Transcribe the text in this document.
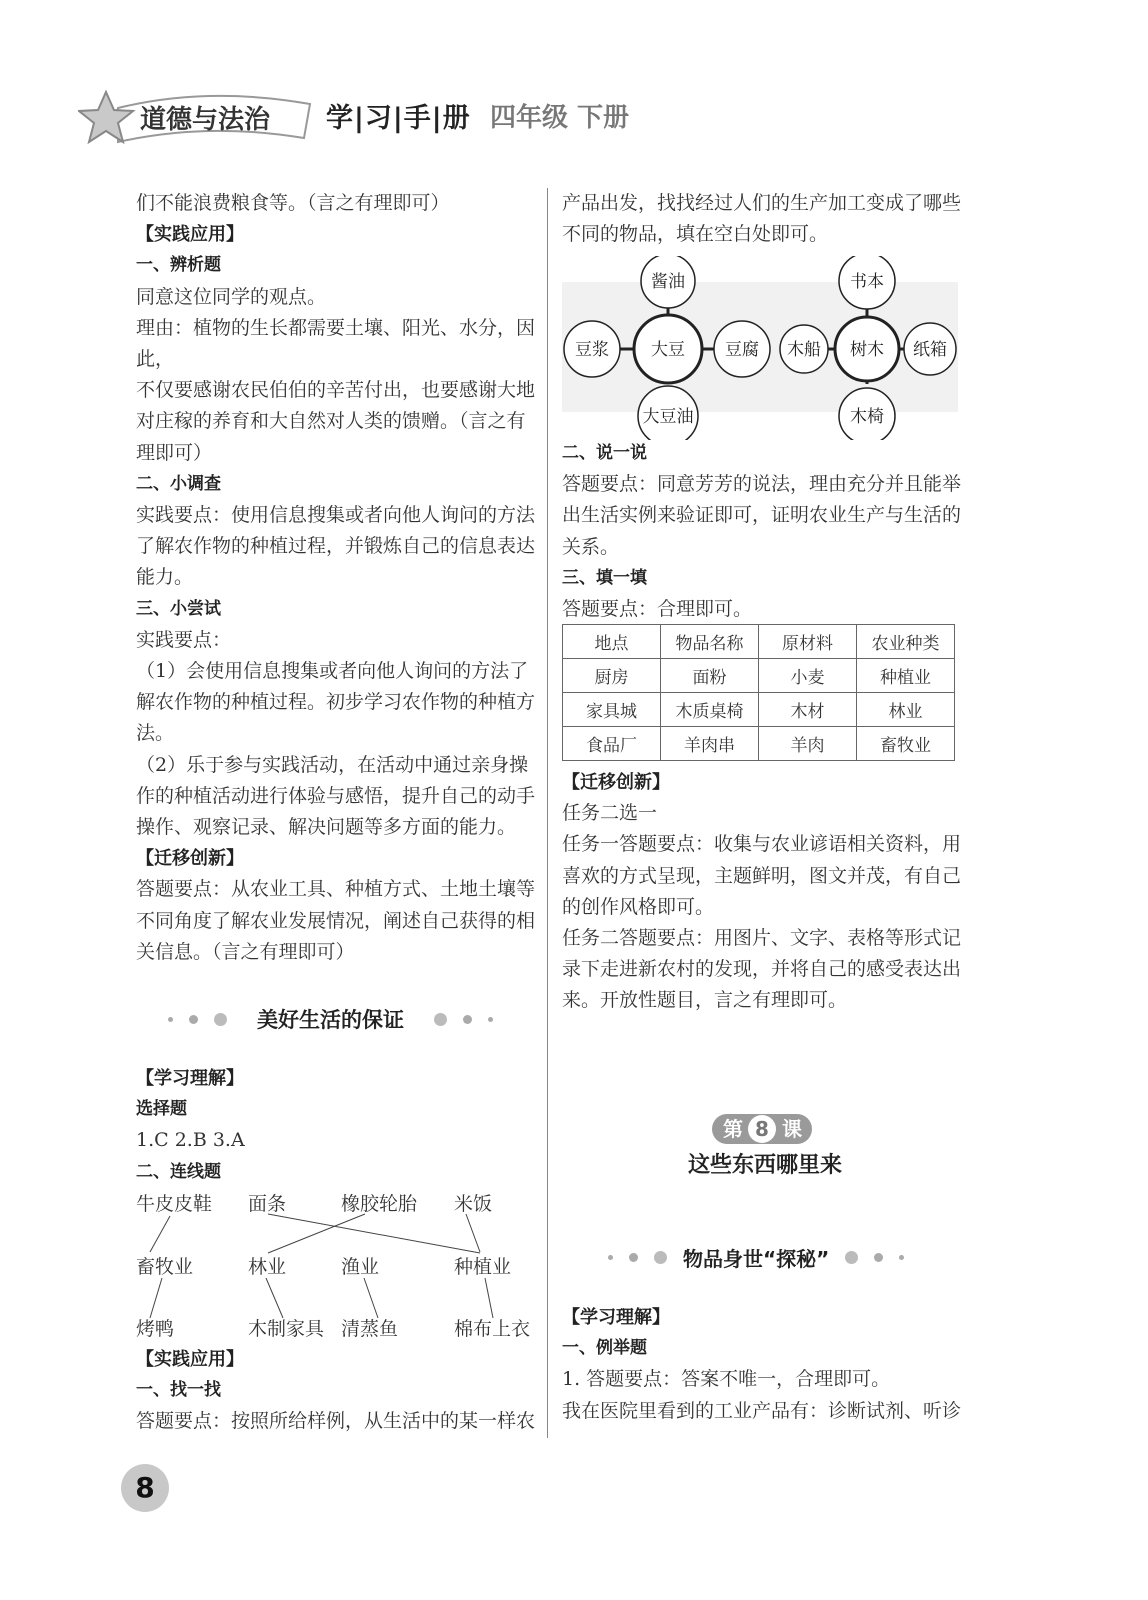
道德与法治 学|习|手|册 四年级 下册

们不能浪费粮食等。（言之有理即可）

【实践应用】

一、辨析题

同意这位同学的观点。

理由：植物的生长都需要土壤、阳光、水分，因此，

不仅要感谢农民伯伯的辛苦付出，也要感谢大地

对庄稼的养育和大自然对人类的馈赠。（言之有

理即可）

二、小调查

实践要点：使用信息搜集或者向他人询问的方法

了解农作物的种植过程，并锻炼自己的信息表达

能力。

三、小尝试

实践要点：

（1）会使用信息搜集或者向他人询问的方法了

解农作物的种植过程。初步学习农作物的种植方

法。

（2）乐于参与实践活动，在活动中通过亲身操

作的种植活动进行体验与感悟，提升自己的动手

操作、观察记录、解决问题等多方面的能力。

【迁移创新】

答题要点：从农业工具、种植方式、土地土壤等

不同角度了解农业发展情况，阐述自己获得的相

关信息。（言之有理即可）

美好生活的保证

【学习理解】

选择题

1.C 2.B 3.A

二、连线题

牛皮皮鞋 面条	橡胶轮胎 米饭
畜牧业	林业	渔业	种植业
烤鸭	木制家具 清蒸鱼	棉布上衣

【实践应用】

一、找一找

答题要点：按照所给样例，从生活中的某一样农

产品出发，找找经过人们的生产加工变成了哪些

不同的物品，填在空白处即可。

大豆
酱油
豆浆	豆腐
大豆油
树木
书本
木船	纸箱
木椅

二、说一说

答题要点：同意芳芳的说法，理由充分并且能举

出生活实例来验证即可，证明农业生产与生活的

关系。

三、填一填

答题要点：合理即可。

地点	物品名称	原材料	农业种类
厨房	面粉	小麦	种植业
家具城	木质桌椅	木材	林业
食品厂	羊肉串	羊肉	畜牧业

【迁移创新】

任务二选一

任务一答题要点：收集与农业谚语相关资料，用

喜欢的方式呈现，主题鲜明，图文并茂，有自己

的创作风格即可。

任务二答题要点：用图片、文字、表格等形式记

录下走进新农村的发现，并将自己的感受表达出

来。开放性题目，言之有理即可。

第 8 课
这些东西哪里来
物品身世“探秘”

【学习理解】

一、例举题

1. 答题要点：答案不唯一，合理即可。

我在医院里看到的工业产品有：诊断试剂、听诊

8
